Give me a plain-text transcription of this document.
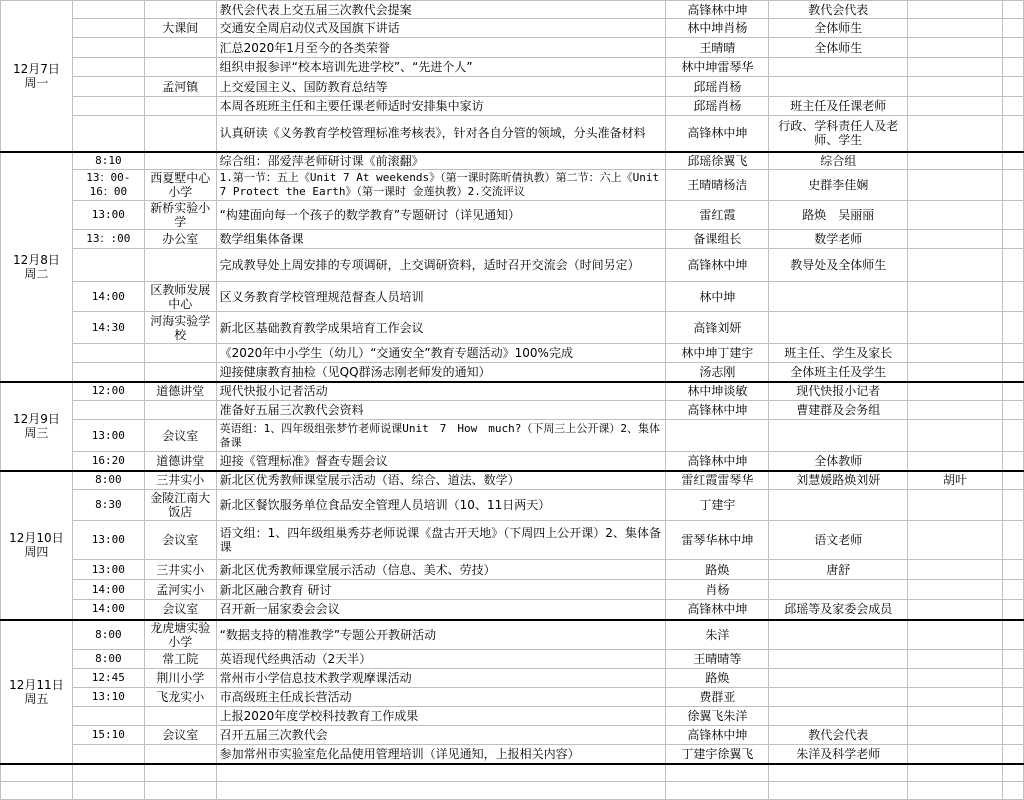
12月7日
周一			教代会代表上交五届三次教代会提案	高锋林中坤	教代会代表		
		大课间	交通安全周启动仪式及国旗下讲话	林中坤肖杨	全体师生		
			汇总2020年1月至今的各类荣誉	王晴晴	全体师生		
			组织申报参评“校本培训先进学校”、“先进个人”	林中坤雷琴华			
		孟河镇	上交爱国主义、国防教育总结等	邱瑶肖杨			
			本周各班班主任和主要任课老师适时安排集中家访	邱瑶肖杨	班主任及任课老师		
			认真研读《义务教育学校管理标准考核表》，针对各自分管的领域，分头准备材料	高锋林中坤	行政、学科责任人及老师、学生		

12月8日
周二	8:10		综合组：邵爱萍老师研讨课《前滚翻》	邱瑶徐翼飞	综合组		
	13：00-16：00	西夏墅中心小学	1.第一节：五上《Unit 7 At weekends》（第一课时陈昕倩执教）第二节：六上《Unit 7 Protect the Earth》（第一课时 金莲执教）2.交流评议	王晴晴杨洁	史群李佳娴		
	13:00	新桥实验小学	“构建面向每一个孩子的数学教育”专题研讨（详见通知）	雷红霞	路焕　吴丽丽		
	13：:00	办公室	数学组集体备课	备课组长	数学老师		
			完成教导处上周安排的专项调研，上交调研资料，适时召开交流会（时间另定）	高锋林中坤	教导处及全体师生		
	14:00	区教师发展中心	区义务教育学校管理规范督查人员培训	林中坤			
	14:30	河海实验学校	新北区基础教育教学成果培育工作会议	高锋刘妍			
			《2020年中小学生（幼儿）“交通安全”教育专题活动》100%完成	林中坤丁建宇	班主任、学生及家长		
			迎接健康教育抽检（见QQ群汤志刚老师发的通知）	汤志刚	全体班主任及学生		

12月9日
周三	12:00	道德讲堂	现代快报小记者活动	林中坤谈敏	现代快报小记者		
			准备好五届三次教代会资料	高锋林中坤	曹建群及会务组		
	13:00	会议室	英语组：1、四年级组张梦竹老师说课Unit　7　How　much?（下周三上公开课）2、集体备课				
	16:20	道德讲堂	迎接《管理标准》督查专题会议	高锋林中坤	全体教师		

12月10日
周四	8:00	三井实小	新北区优秀教师课堂展示活动（语、综合、道法、数学）	雷红霞雷琴华	刘慧媛路焕刘妍	胡叶	
	8:30	金陵江南大饭店	新北区餐饮服务单位食品安全管理人员培训（10、11日两天）	丁建宇			
	13:00	会议室	语文组：1、四年级组巢秀芬老师说课《盘古开天地》（下周四上公开课）2、集体备课	雷琴华林中坤	语文老师		
	13:00	三井实小	新北区优秀教师课堂展示活动（信息、美术、劳技）	路焕	唐舒		
	14:00	孟河实小	新北区融合教育 研讨	肖杨			
	14:00	会议室	召开新一届家委会会议	高锋林中坤	邱瑶等及家委会成员		

12月11日
周五	8:00	龙虎塘实验小学	“数据支持的精准教学”专题公开教研活动	朱洋			
	8:00	常工院	英语现代经典活动（2天半）	王晴晴等			
	12:45	荆川小学	常州市小学信息技术教学观摩课活动	路焕			
	13:10	飞龙实小	市高级班主任成长营活动	费群亚			
			上报2020年度学校科技教育工作成果	徐翼飞朱洋			
	15:10	会议室	召开五届三次教代会	高锋林中坤	教代会代表		
			参加常州市实验室危化品使用管理培训（详见通知，上报相关内容）	丁建宇徐翼飞	朱洋及科学老师		
